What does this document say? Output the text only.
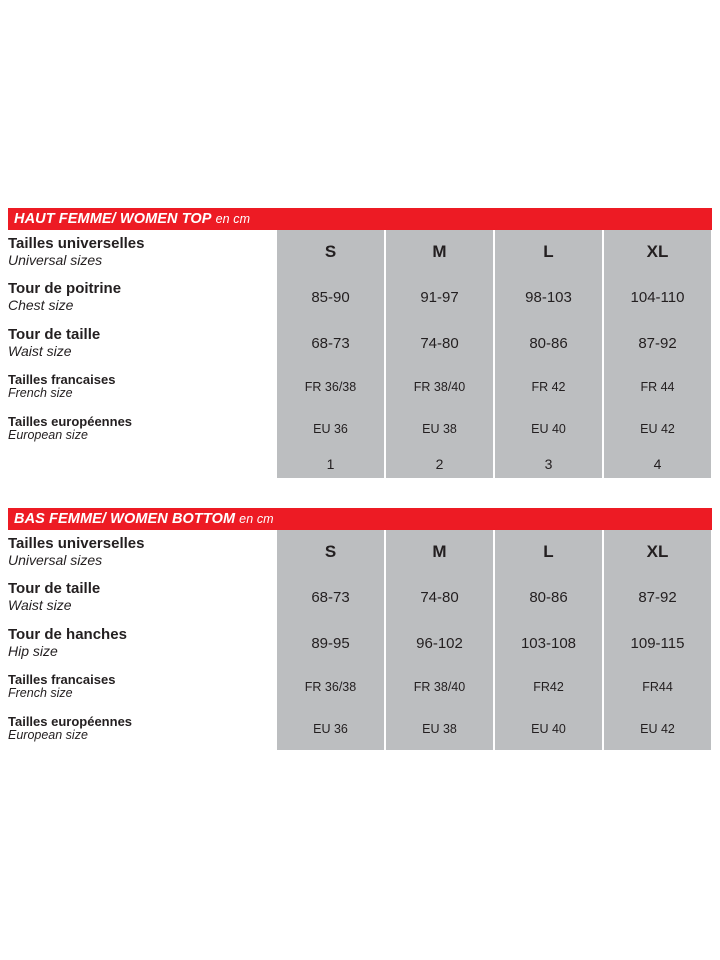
HAUT FEMME/ WOMEN TOP en cm
Tailles universelles
Universal sizes	S	M	L	XL

Tour de poitrine
Chest size	85-90	91-97	98-103	104-110

Tour de taille
Waist size	68-73	74-80	80-86	87-92

Tailles francaises
French size	FR 36/38	FR 38/40	FR 42	FR 44

Tailles européennes
European size	EU 36	EU 38	EU 40	EU 42
	1	2	3	4
BAS FEMME/ WOMEN BOTTOM en cm
Tailles universelles
Universal sizes	S	M	L	XL

Tour de taille
Waist size	68-73	74-80	80-86	87-92

Tour de hanches
Hip size	89-95	96-102	103-108	109-115

Tailles francaises
French size	FR 36/38	FR 38/40	FR42	FR44

Tailles européennes
European size	EU 36	EU 38	EU 40	EU 42
